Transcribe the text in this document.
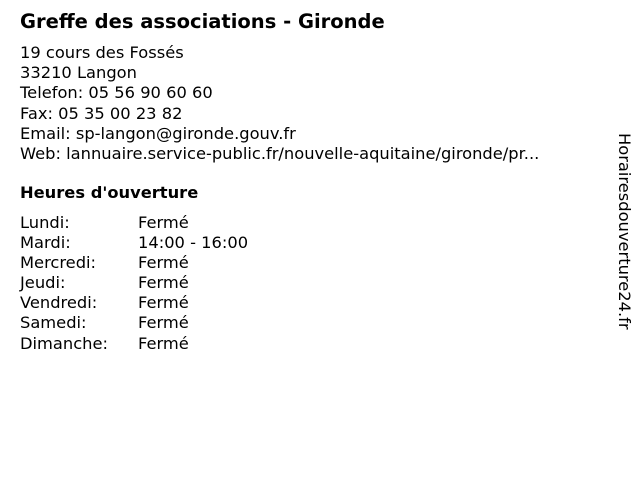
Greffe des associations - Gironde
19 cours des Fossés
33210 Langon
Telefon: 05 56 90 60 60
Fax: 05 35 00 23 82
Email: sp-langon@gironde.gouv.fr
Web: lannuaire.service-public.fr/nouvelle-aquitaine/gironde/pr...
Heures d'ouverture
Lundi:	Fermé
Mardi:	14:00 - 16:00
Mercredi:	Fermé
Jeudi:	Fermé
Vendredi:	Fermé
Samedi:	Fermé
Dimanche: Fermé
Horairesdouverture24.fr
